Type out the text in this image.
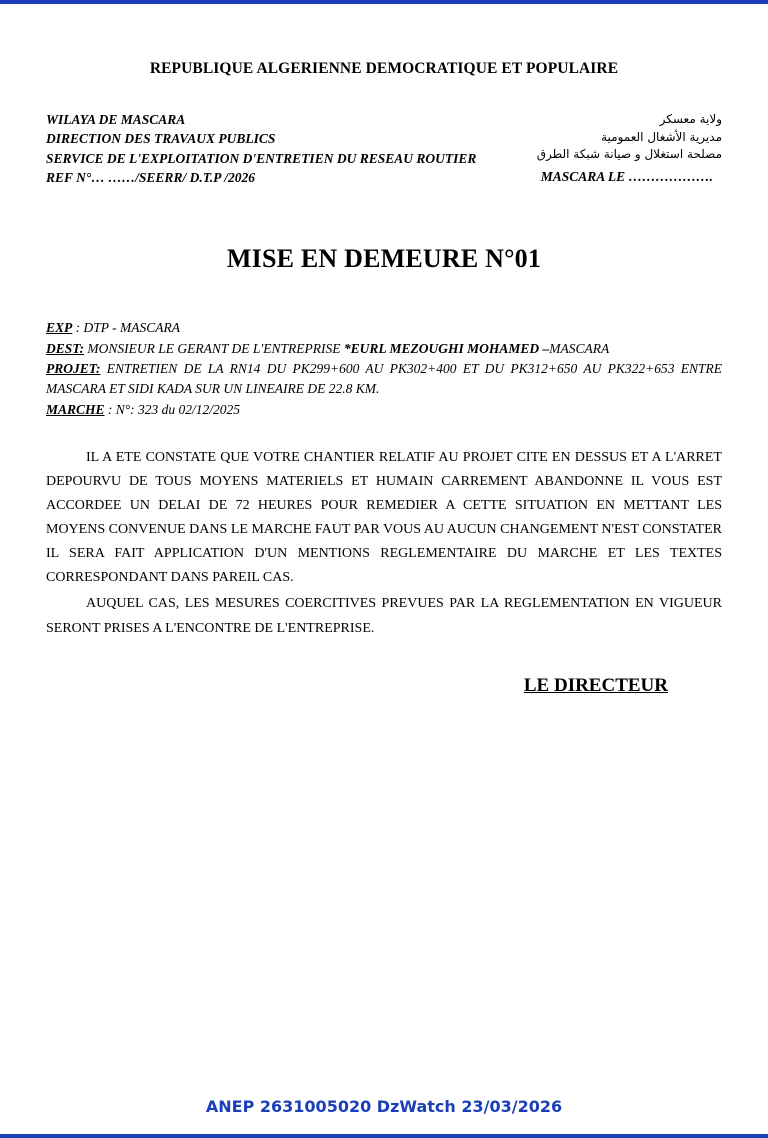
REPUBLIQUE ALGERIENNE DEMOCRATIQUE ET POPULAIRE
WILAYA DE MASCARA
DIRECTION DES TRAVAUX PUBLICS
SERVICE DE L'EXPLOITATION D'ENTRETIEN DU RESEAU ROUTIER
REF N°… ……/SEERR/ D.T.P /2026
ولاية معسكر
مديرية الأشغال العمومية
مصلحة استغلال و صيانة شبكة الطرق
MASCARA LE ……………….
MISE EN DEMEURE N°01
EXP : DTP - MASCARA
DEST: MONSIEUR LE GERANT DE L'ENTREPRISE *EURL MEZOUGHI MOHAMED –MASCARA
PROJET: ENTRETIEN DE LA RN14 DU PK299+600 AU PK302+400 ET DU PK312+650 AU PK322+653 ENTRE MASCARA ET SIDI KADA SUR UN LINEAIRE DE 22.8 KM.
MARCHE : N°: 323 du 02/12/2025

IL A ETE CONSTATE QUE VOTRE CHANTIER RELATIF AU PROJET CITE EN DESSUS ET A L'ARRET DEPOURVU DE TOUS MOYENS MATERIELS ET HUMAIN CARREMENT ABANDONNE IL VOUS EST ACCORDEE UN DELAI DE 72 HEURES POUR REMEDIER A CETTE SITUATION EN METTANT LES MOYENS CONVENUE DANS LE MARCHE FAUT PAR VOUS AU AUCUN CHANGEMENT N'EST CONSTATER IL SERA FAIT APPLICATION D'UN MENTIONS REGLEMENTAIRE DU MARCHE ET LES TEXTES CORRESPONDANT DANS PAREIL CAS.

AUQUEL CAS, LES MESURES COERCITIVES PREVUES PAR LA REGLEMENTATION EN VIGUEUR SERONT PRISES A L'ENCONTRE DE L'ENTREPRISE.

LE DIRECTEUR
ANEP 2631005020 DzWatch 23/03/2026
